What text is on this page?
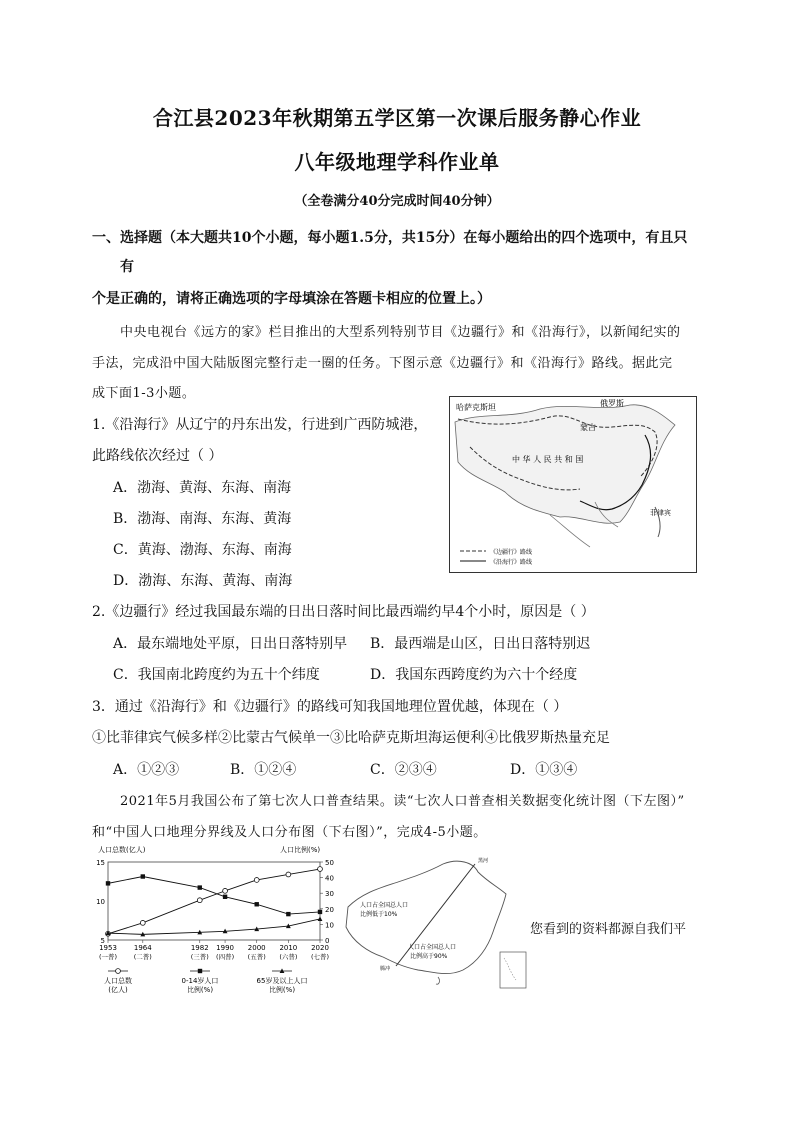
合江县2023年秋期第五学区第一次课后服务静心作业
八年级地理学科作业单
（全卷满分40分完成时间40分钟）
一、选择题（本大题共10个小题，每小题1.5分，共15分）在每小题给出的四个选项中，有且只
有
个是正确的，请将正确选项的字母填涂在答题卡相应的位置上。）
中央电视台《远方的家》栏目推出的大型系列特别节目《边疆行》和《沿海行》，以新闻纪实的
手法，完成沿中国大陆版图完整行走一圈的任务。下图示意《边疆行》和《沿海行》路线。据此完
成下面1-3小题。
1.《沿海行》从辽宁的丹东出发，行进到广西防城港，
此路线依次经过（ ）
A．渤海、黄海、东海、南海
B．渤海、南海、东海、黄海
C．黄海、渤海、东海、南海
D．渤海、东海、黄海、南海
哈萨克斯坦	俄罗斯
蒙古
中 华 人 民 共 和 国
菲律宾
《边疆行》路线
《沿海行》路线
2.《边疆行》经过我国最东端的日出日落时间比最西端约早4个小时，原因是（ ）
A．最东端地处平原，日出日落特别早 B．最西端是山区，日出日落特别迟
C．我国南北跨度约为五十个纬度	D．我国东西跨度约为六十个经度
3．通过《沿海行》和《边疆行》的路线可知我国地理位置优越，体现在（ ）
①比菲律宾气候多样②比蒙古气候单一③比哈萨克斯坦海运便利④比俄罗斯热量充足
A．①②③	B．①②④	C．②③④	D．①③④
2021年5月我国公布了第七次人口普查结果。读“七次人口普查相关数据变化统计图（下左图）”
和“中国人口地理分界线及人口分布图（下右图）”，完成4-5小题。
人口总数(亿人)	人口比例(%)
5
10
15
0
10
20
30
40
50
1953
(一普)
1964
(二普)
1982
(三普)
1990
(四普)
2000
(五普)
2010
(六普)
2020
(七普)
人口总数
(亿人)
0-14岁人口
比例(%)
65岁及以上人口
比例(%)
黑河
腾冲
人口占全国总人口
比例低于10%
人口占全国总人口
比例高于90%
您看到的资料都源自我们平
